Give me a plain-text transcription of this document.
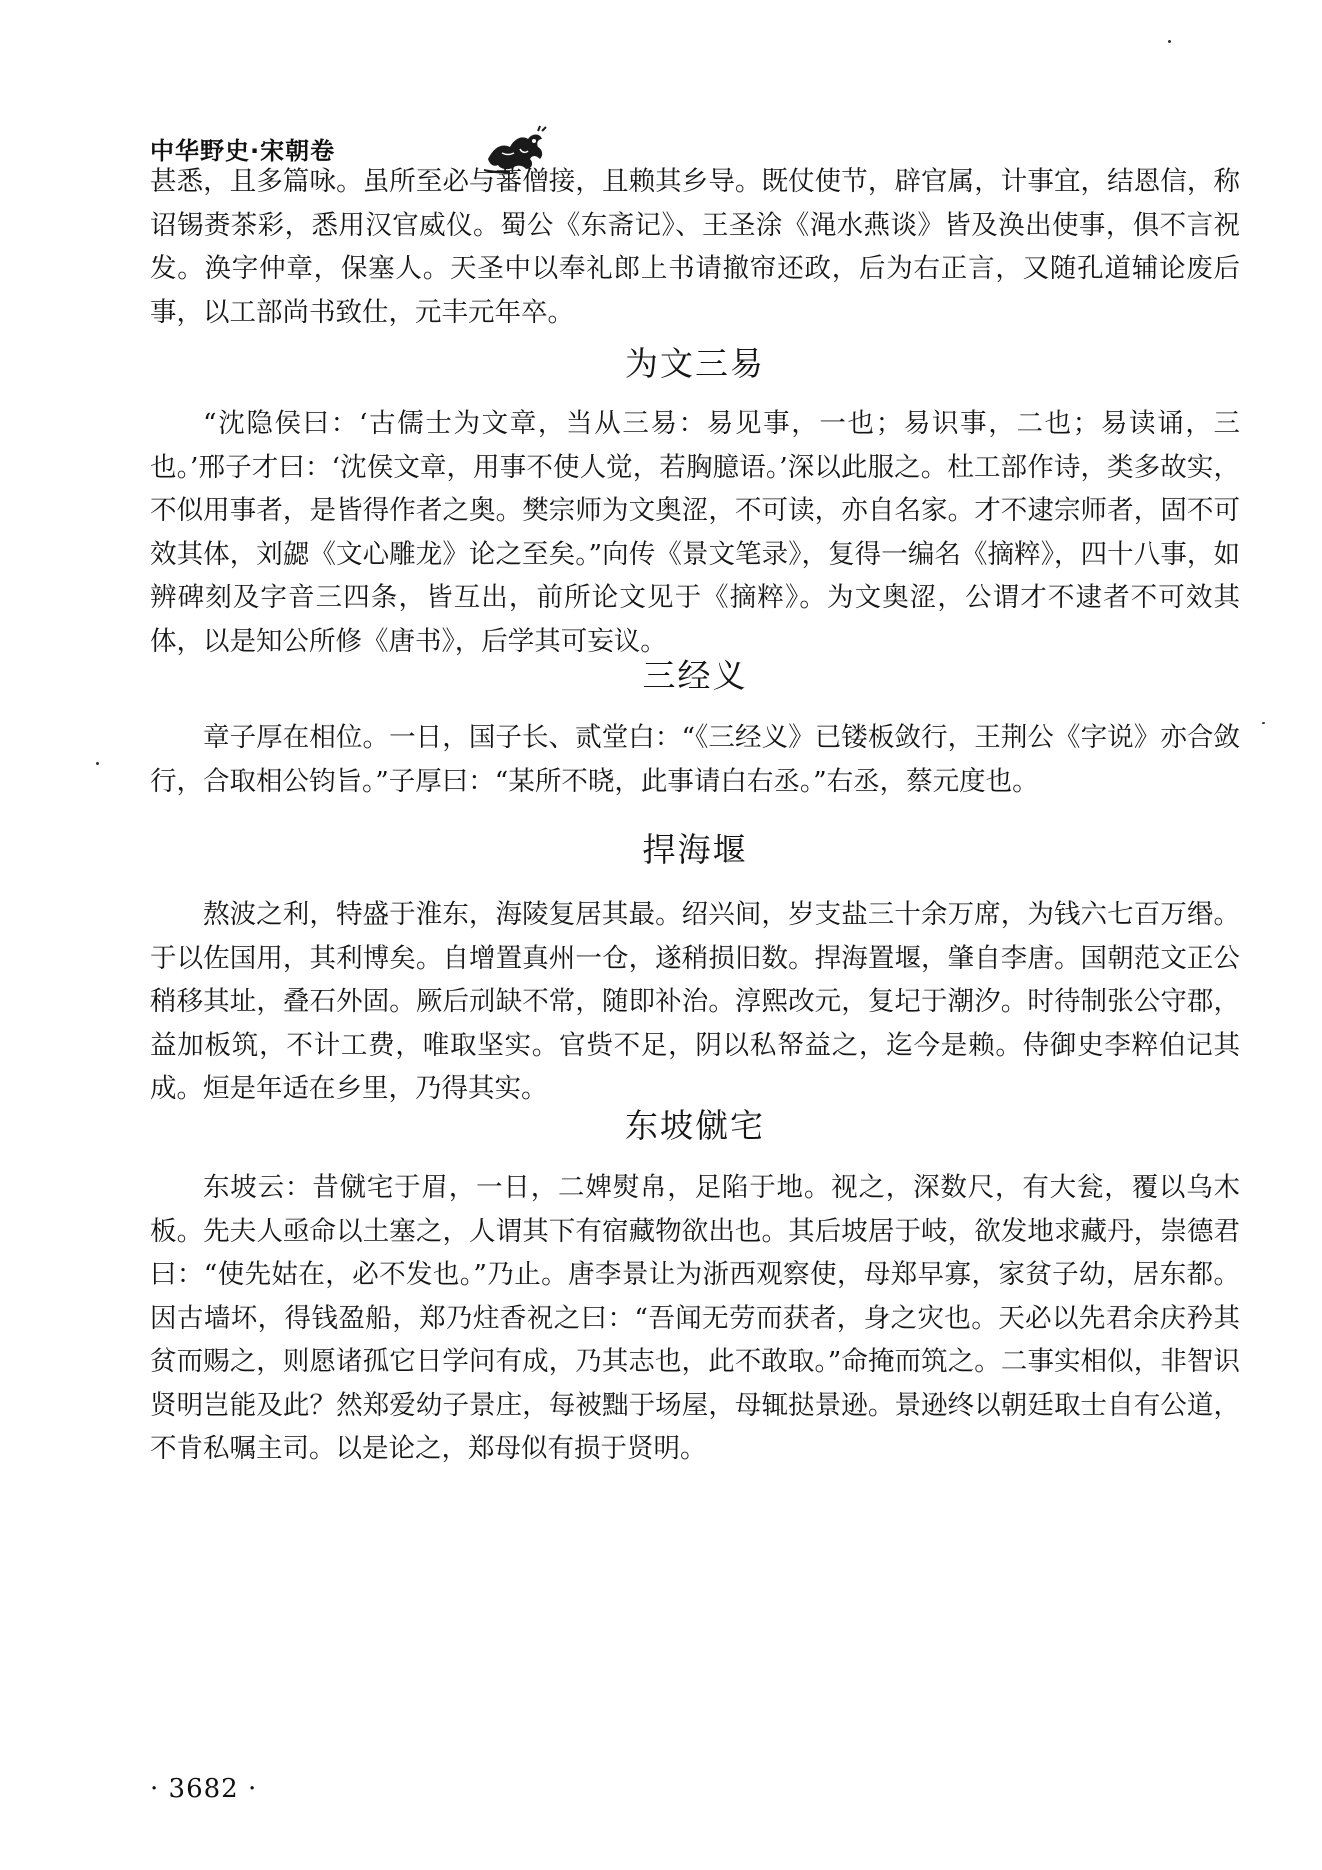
中华野史·宋朝卷
甚悉，且多篇咏。虽所至必与蕃僧接，且赖其乡导。既仗使节，辟官属，计事宜，结恩信，称诏锡赉茶彩，悉用汉官威仪。蜀公《东斋记》、王圣涂《渑水燕谈》皆及涣出使事，俱不言祝发。涣字仲章，保塞人。天圣中以奉礼郎上书请撤帘还政，后为右正言，又随孔道辅论废后事，以工部尚书致仕，元丰元年卒。
为文三易
“沈隐侯曰：‘古儒士为文章，当从三易：易见事，一也；易识事，二也；易读诵，三也。’邢子才曰：‘沈侯文章，用事不使人觉，若胸臆语。’深以此服之。杜工部作诗，类多故实，不似用事者，是皆得作者之奥。樊宗师为文奥涩，不可读，亦自名家。才不逮宗师者，固不可效其体，刘勰《文心雕龙》论之至矣。”向传《景文笔录》，复得一编名《摘粹》，四十八事，如辨碑刻及字音三四条，皆互出，前所论文见于《摘粹》。为文奥涩，公谓才不逮者不可效其体，以是知公所修《唐书》，后学其可妄议。
三经义
章子厚在相位。一日，国子长、贰堂白：“《三经义》已镂板敛行，王荆公《字说》亦合敛行，合取相公钧旨。”子厚曰：“某所不晓，此事请白右丞。”右丞，蔡元度也。
捍海堰
熬波之利，特盛于淮东，海陵复居其最。绍兴间，岁支盐三十余万席，为钱六七百万缗。于以佐国用，其利博矣。自增置真州一仓，遂稍损旧数。捍海置堰，肇自李唐。国朝范文正公稍移其址，叠石外固。厥后刓缺不常，随即补治。淳熙改元，复圮于潮汐。时待制张公守郡，益加板筑，不计工费，唯取坚实。官赀不足，阴以私帑益之，迄今是赖。侍御史李粹伯记其成。烜是年适在乡里，乃得其实。
东坡僦宅
东坡云：昔僦宅于眉，一日，二婢熨帛，足陷于地。视之，深数尺，有大瓮，覆以乌木板。先夫人亟命以土塞之，人谓其下有宿藏物欲出也。其后坡居于岐，欲发地求藏丹，崇德君曰：“使先姑在，必不发也。”乃止。唐李景让为浙西观察使，母郑早寡，家贫子幼，居东都。因古墙坏，得钱盈船，郑乃炷香祝之曰：“吾闻无劳而获者，身之灾也。天必以先君余庆矜其贫而赐之，则愿诸孤它日学问有成，乃其志也，此不敢取。”命掩而筑之。二事实相似，非智识贤明岂能及此？然郑爱幼子景庄，每被黜于场屋，母辄挞景逊。景逊终以朝廷取士自有公道，不肯私嘱主司。以是论之，郑母似有损于贤明。
· 3682 ·
